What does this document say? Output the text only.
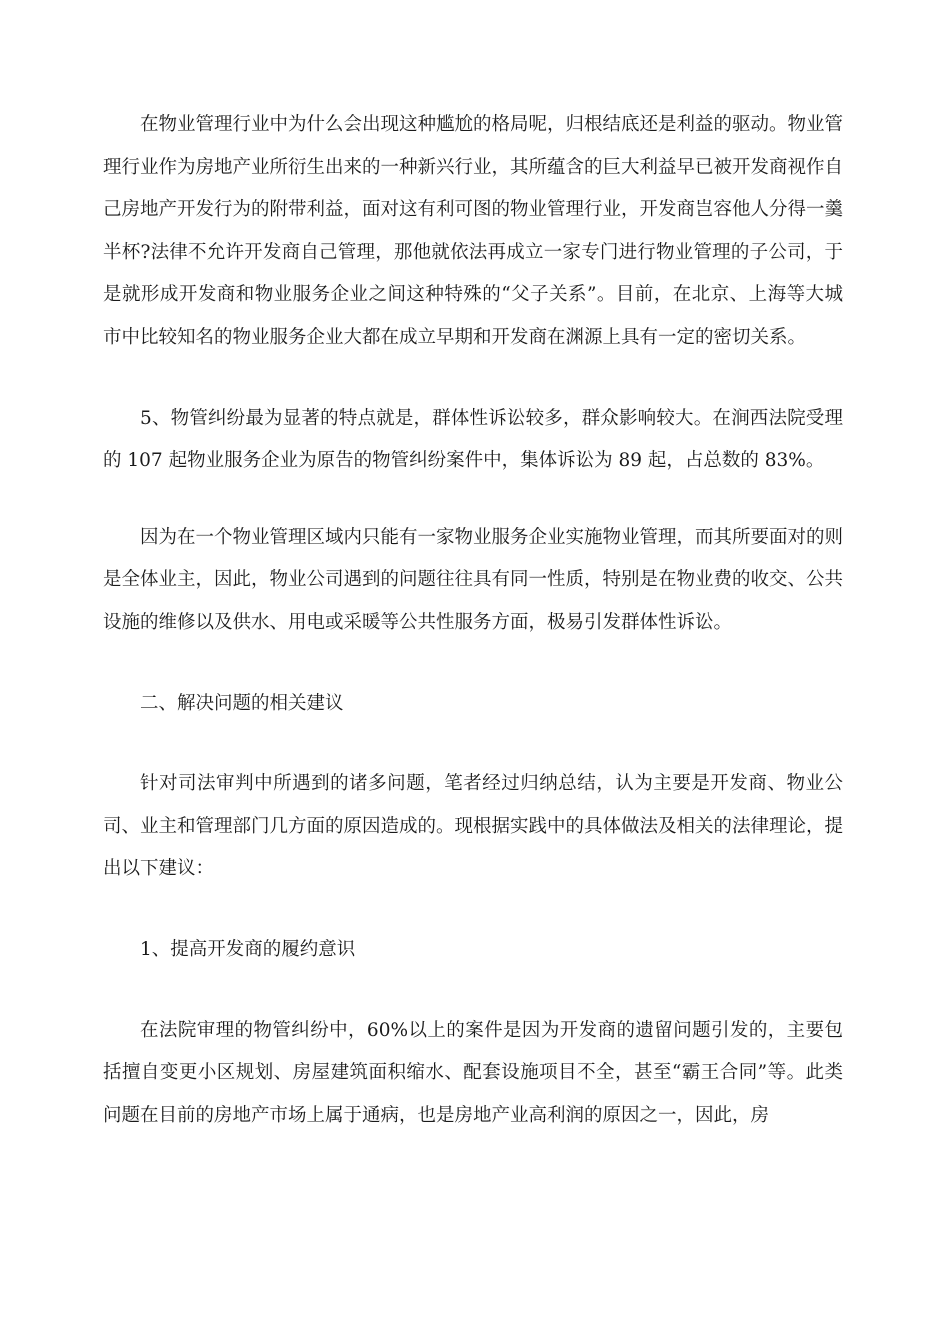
在物业管理行业中为什么会出现这种尴尬的格局呢，归根结底还是利益的驱动。物业管理行业作为房地产业所衍生出来的一种新兴行业，其所蕴含的巨大利益早已被开发商视作自己房地产开发行为的附带利益，面对这有利可图的物业管理行业，开发商岂容他人分得一羹半杯?法律不允许开发商自己管理，那他就依法再成立一家专门进行物业管理的子公司，于是就形成开发商和物业服务企业之间这种特殊的“父子关系”。目前，在北京、上海等大城市中比较知名的物业服务企业大都在成立早期和开发商在渊源上具有一定的密切关系。

5、物管纠纷最为显著的特点就是，群体性诉讼较多，群众影响较大。在涧西法院受理的 107 起物业服务企业为原告的物管纠纷案件中，集体诉讼为 89 起，占总数的 83%。

因为在一个物业管理区域内只能有一家物业服务企业实施物业管理，而其所要面对的则是全体业主，因此，物业公司遇到的问题往往具有同一性质，特别是在物业费的收交、公共设施的维修以及供水、用电或采暖等公共性服务方面，极易引发群体性诉讼。

二、解决问题的相关建议

针对司法审判中所遇到的诸多问题，笔者经过归纳总结，认为主要是开发商、物业公司、业主和管理部门几方面的原因造成的。现根据实践中的具体做法及相关的法律理论，提出以下建议：

1、提高开发商的履约意识

在法院审理的物管纠纷中，60%以上的案件是因为开发商的遗留问题引发的，主要包括擅自变更小区规划、房屋建筑面积缩水、配套设施项目不全，甚至“霸王合同”等。此类问题在目前的房地产市场上属于通病，也是房地产业高利润的原因之一，因此，房
